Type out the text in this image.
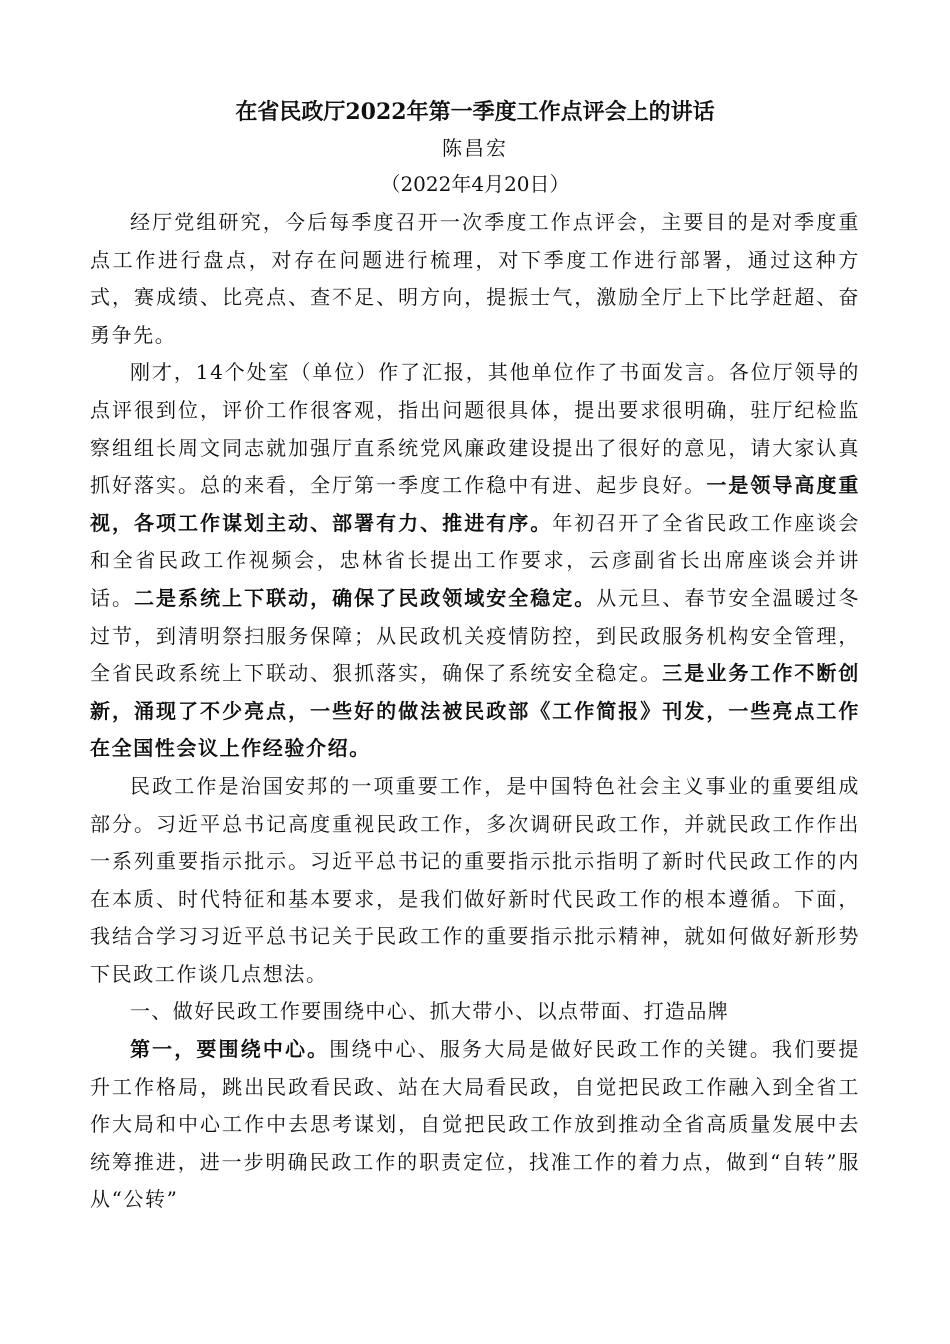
在省民政厅2022年第一季度工作点评会上的讲话

陈昌宏

（2022年4月20日）

经厅党组研究，今后每季度召开一次季度工作点评会，主要目的是对季度重点工作进行盘点，对存在问题进行梳理，对下季度工作进行部署，通过这种方式，赛成绩、比亮点、查不足、明方向，提振士气，激励全厅上下比学赶超、奋勇争先。

刚才，14个处室（单位）作了汇报，其他单位作了书面发言。各位厅领导的点评很到位，评价工作很客观，指出问题很具体，提出要求很明确，驻厅纪检监察组组长周文同志就加强厅直系统党风廉政建设提出了很好的意见，请大家认真抓好落实。总的来看，全厅第一季度工作稳中有进、起步良好。一是领导高度重视，各项工作谋划主动、部署有力、推进有序。年初召开了全省民政工作座谈会和全省民政工作视频会，忠林省长提出工作要求，云彦副省长出席座谈会并讲话。二是系统上下联动，确保了民政领域安全稳定。从元旦、春节安全温暖过冬过节，到清明祭扫服务保障；从民政机关疫情防控，到民政服务机构安全管理，全省民政系统上下联动、狠抓落实，确保了系统安全稳定。三是业务工作不断创新，涌现了不少亮点，一些好的做法被民政部《工作简报》刊发，一些亮点工作在全国性会议上作经验介绍。

民政工作是治国安邦的一项重要工作，是中国特色社会主义事业的重要组成部分。习近平总书记高度重视民政工作，多次调研民政工作，并就民政工作作出一系列重要指示批示。习近平总书记的重要指示批示指明了新时代民政工作的内在本质、时代特征和基本要求，是我们做好新时代民政工作的根本遵循。下面，我结合学习习近平总书记关于民政工作的重要指示批示精神，就如何做好新形势下民政工作谈几点想法。

一、做好民政工作要围绕中心、抓大带小、以点带面、打造品牌

第一，要围绕中心。围绕中心、服务大局是做好民政工作的关键。我们要提升工作格局，跳出民政看民政、站在大局看民政，自觉把民政工作融入到全省工作大局和中心工作中去思考谋划，自觉把民政工作放到推动全省高质量发展中去统筹推进，进一步明确民政工作的职责定位，找准工作的着力点，做到“自转”服从“公转”
